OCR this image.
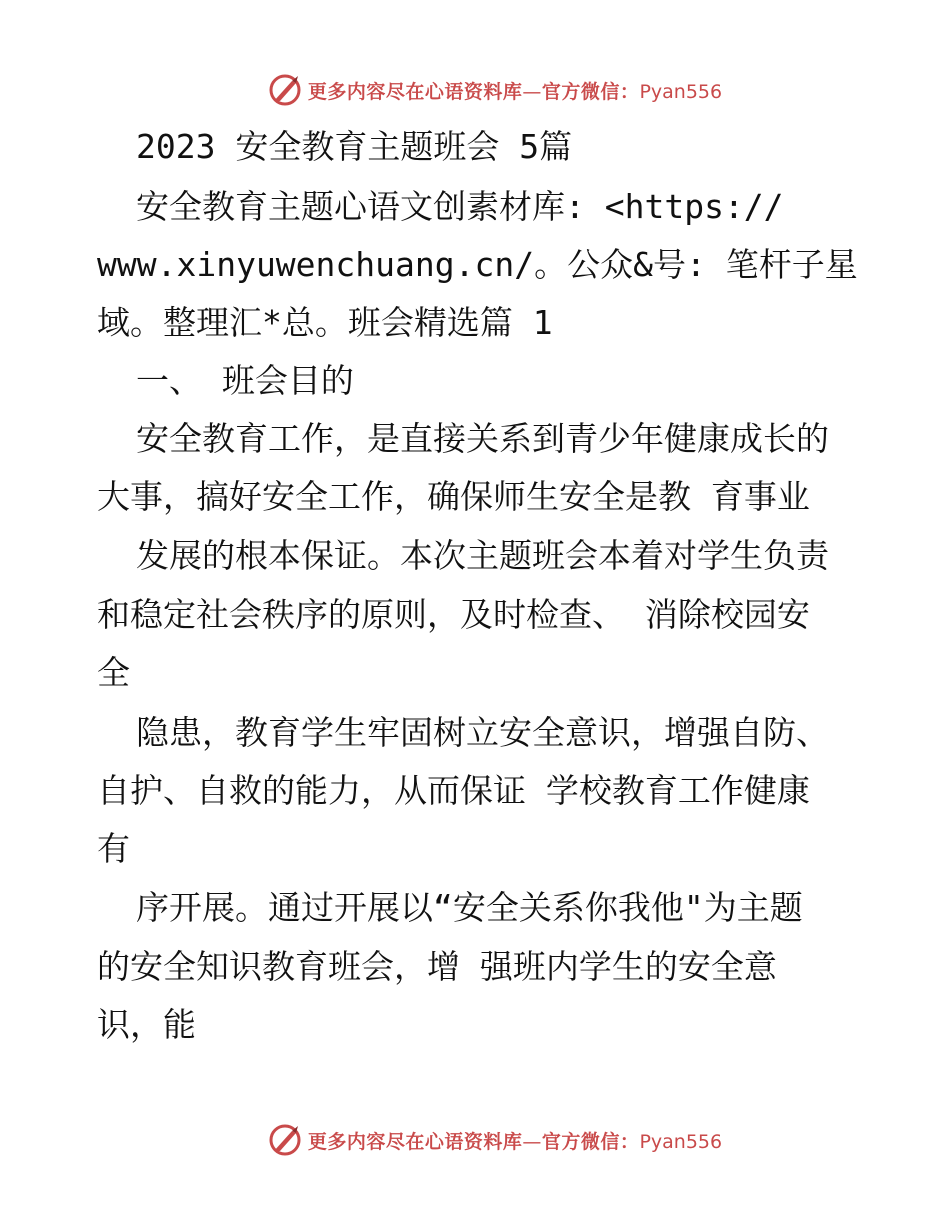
更多内容尽在心语资料库—官方微信：Pyan556
2023 安全教育主题班会 5篇
安全教育主题心语文创素材库: <https://
www.xinyuwenchuang.cn/。公众&号: 笔杆子星
域。整理汇*总。班会精选篇 1
一、 班会目的
安全教育工作，是直接关系到青少年健康成长的
大事，搞好安全工作，确保师生安全是教 育事业
发展的根本保证。本次主题班会本着对学生负责
和稳定社会秩序的原则，及时检查、 消除校园安
全
隐患，教育学生牢固树立安全意识，增强自防、
自护、自救的能力，从而保证 学校教育工作健康
有
序开展。通过开展以“安全关系你我他"为主题
的安全知识教育班会，增 强班内学生的安全意
识，能
更多内容尽在心语资料库—官方微信：Pyan556
